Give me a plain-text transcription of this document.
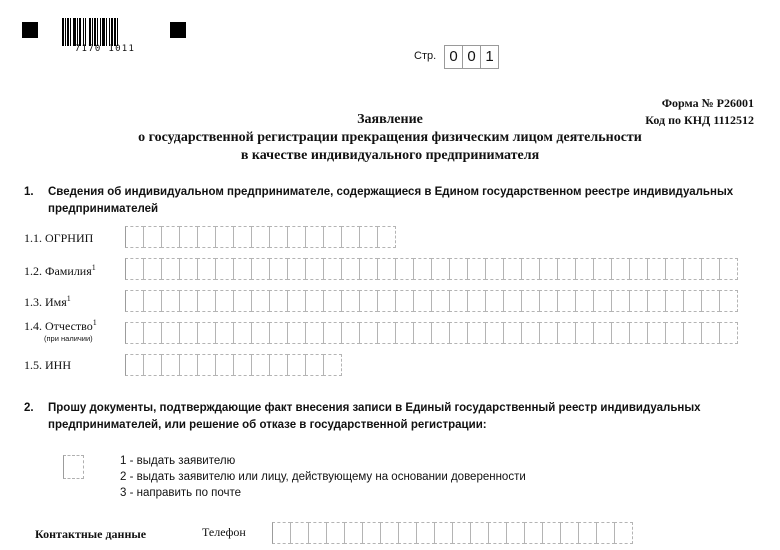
7170 1011
Стр. 0 0 1
Форма № Р26001
Код по КНД 1112512
Заявление
о государственной регистрации прекращения физическим лицом деятельности
в качестве индивидуального предпринимателя
1. Сведения об индивидуальном предпринимателе, содержащиеся в Едином государственном реестре индивидуальных предпринимателей
1.1. ОГРНИП
1.2. Фамилия$^1$
1.3. Имя$^1$
1.4. Отчество$^1$
(при наличии)
1.5. ИНН
2. Прошу документы, подтверждающие факт внесения записи в Единый государственный реестр индивидуальных предпринимателей, или решение об отказе в государственной регистрации:
1 - выдать заявителю
2 - выдать заявителю или лицу, действующему на основании доверенности
3 - направить по почте
Контактные данные	Телефон
